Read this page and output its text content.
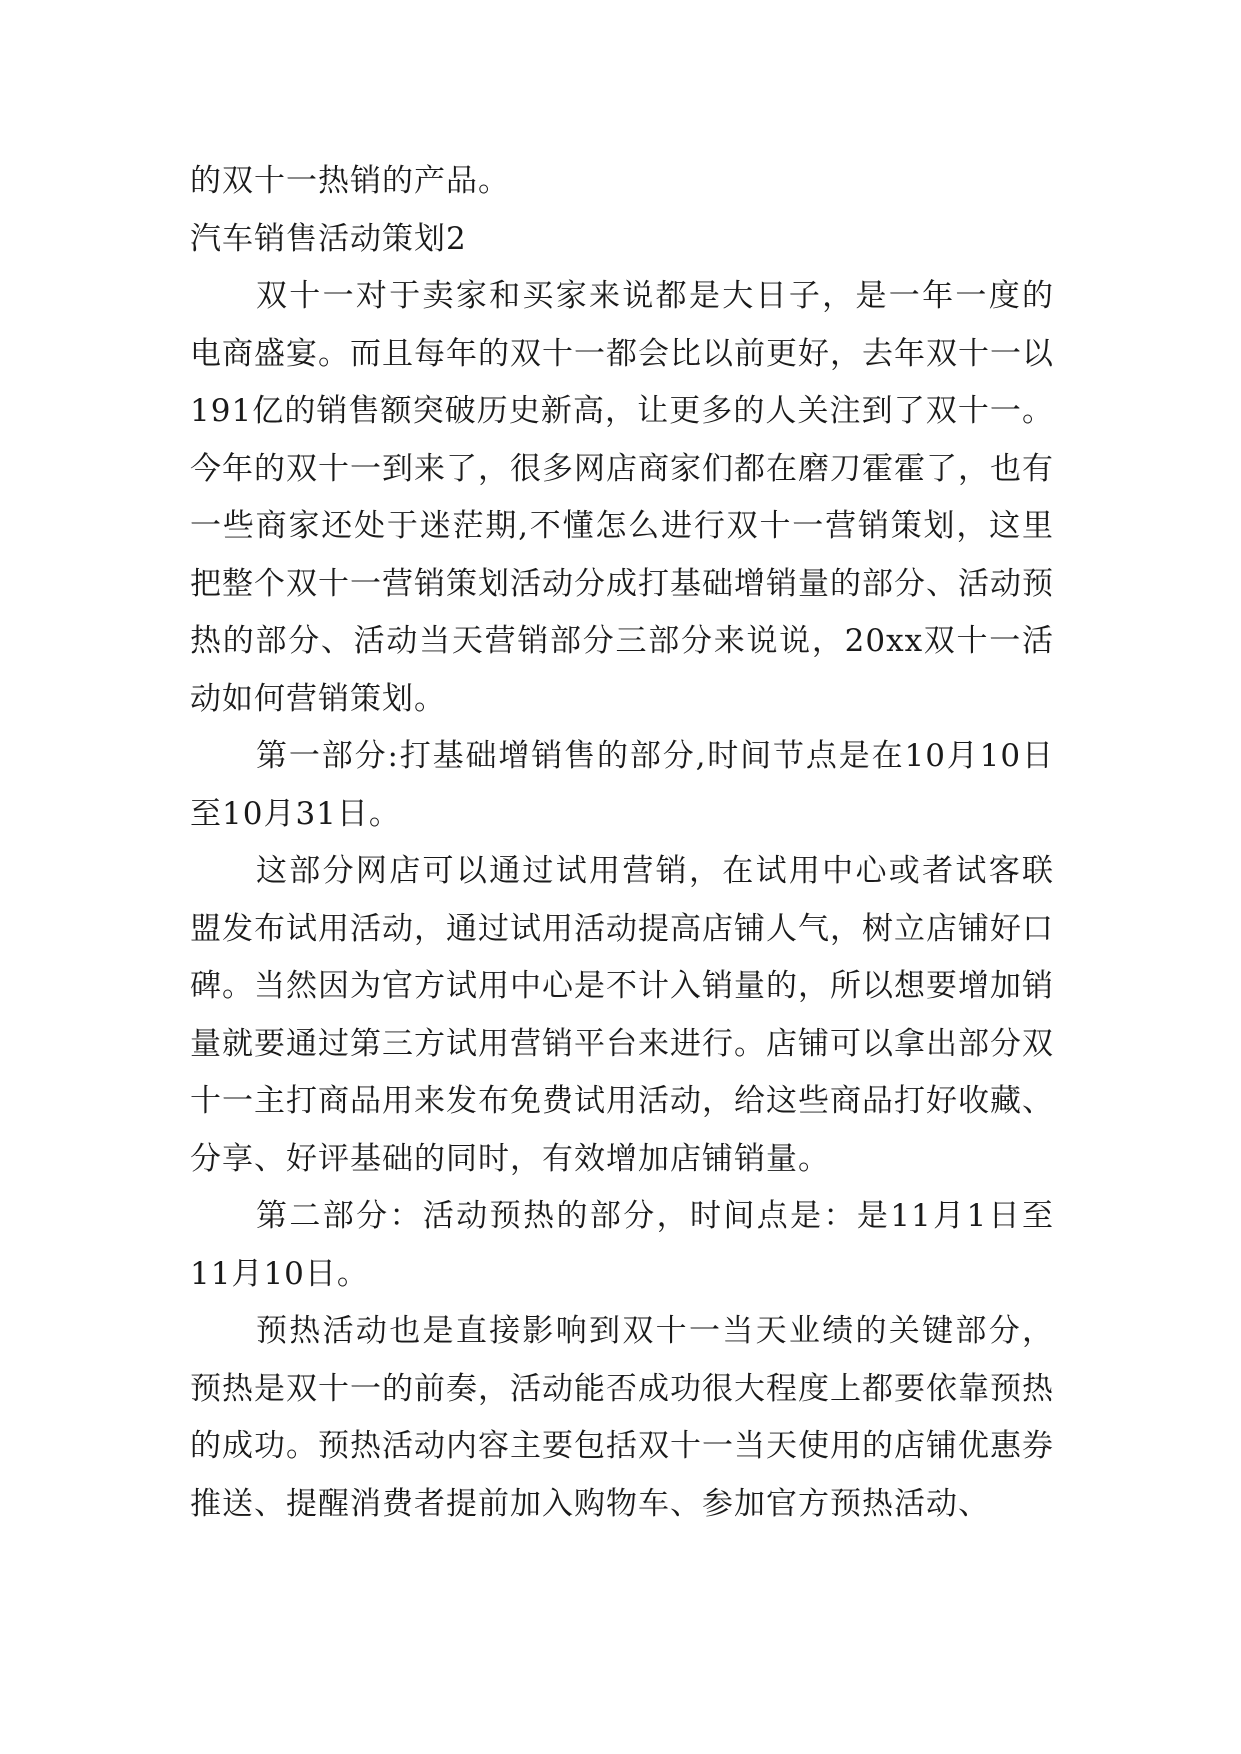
的双十一热销的产品。

汽车销售活动策划2

双十一对于卖家和买家来说都是大日子，是一年一度的电商盛宴。而且每年的双十一都会比以前更好，去年双十一以191亿的销售额突破历史新高，让更多的人关注到了双十一。今年的双十一到来了，很多网店商家们都在磨刀霍霍了，也有一些商家还处于迷茫期,不懂怎么进行双十一营销策划，这里把整个双十一营销策划活动分成打基础增销量的部分、活动预热的部分、活动当天营销部分三部分来说说，20xx双十一活动如何营销策划。

第一部分:打基础增销售的部分,时间节点是在10月10日至10月31日。

这部分网店可以通过试用营销，在试用中心或者试客联盟发布试用活动，通过试用活动提高店铺人气，树立店铺好口碑。当然因为官方试用中心是不计入销量的，所以想要增加销量就要通过第三方试用营销平台来进行。店铺可以拿出部分双十一主打商品用来发布免费试用活动，给这些商品打好收藏、分享、好评基础的同时，有效增加店铺销量。

第二部分：活动预热的部分，时间点是：是11月1日至11月10日。

预热活动也是直接影响到双十一当天业绩的关键部分，预热是双十一的前奏，活动能否成功很大程度上都要依靠预热的成功。预热活动内容主要包括双十一当天使用的店铺优惠券推送、提醒消费者提前加入购物车、参加官方预热活动、
